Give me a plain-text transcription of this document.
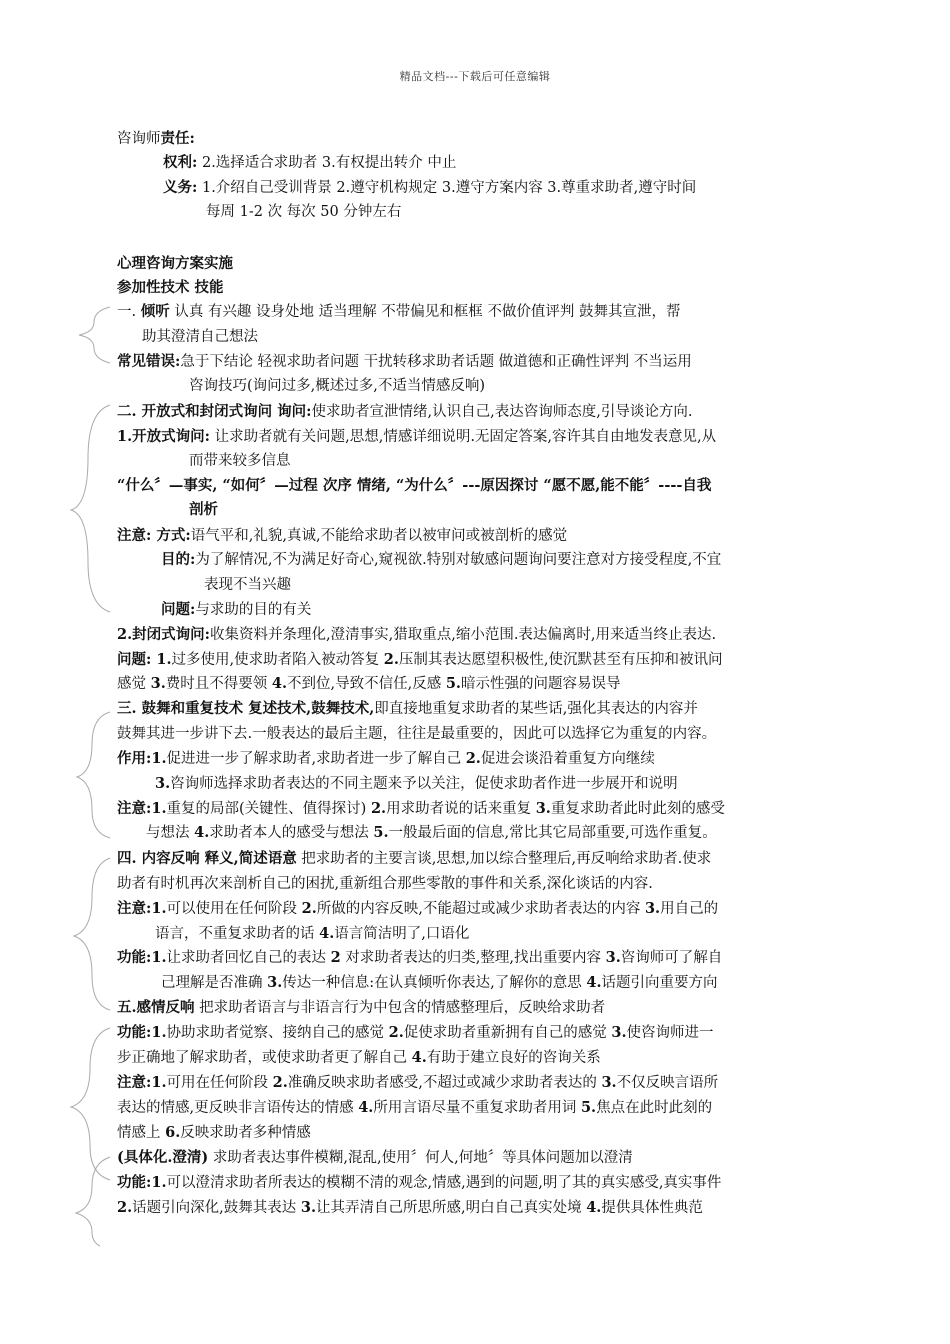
精品文档---下载后可任意编辑
咨询师责任:
权利: 2.选择适合求助者 3.有权提出转介 中止
义务: 1.介绍自己受训背景 2.遵守机构规定 3.遵守方案内容 3.尊重求助者,遵守时间
每周 1-2 次 每次 50 分钟左右
心理咨询方案实施
参加性技术 技能
一. 倾听 认真 有兴趣 设身处地 适当理解 不带偏见和框框 不做价值评判 鼓舞其宣泄，帮
助其澄清自己想法
常见错误:急于下结论 轻视求助者问题 干扰转移求助者话题 做道德和正确性评判 不当运用
咨询技巧(询问过多,概述过多,不适当情感反响)
二. 开放式和封闭式询问 询问:使求助者宣泄情绪,认识自己,表达咨询师态度,引导谈论方向.
1.开放式询问: 让求助者就有关问题,思想,情感详细说明.无固定答案,容许其自由地发表意见,从
而带来较多信息
“什么〞—事实, “如何〞—过程 次序 情绪, “为什么〞---原因探讨 “愿不愿,能不能〞----自我
剖析
注意: 方式:语气平和,礼貌,真诚,不能给求助者以被审问或被剖析的感觉
目的:为了解情况,不为满足好奇心,窥视欲.特别对敏感问题询问要注意对方接受程度,不宜
表现不当兴趣
问题:与求助的目的有关
2.封闭式询问:收集资料并条理化,澄清事实,猎取重点,缩小范围.表达偏离时,用来适当终止表达.
问题: 1.过多使用,使求助者陷入被动答复 2.压制其表达愿望积极性,使沉默甚至有压抑和被讯问
感觉 3.费时且不得要领 4.不到位,导致不信任,反感 5.暗示性强的问题容易误导
三. 鼓舞和重复技术 复述技术,鼓舞技术,即直接地重复求助者的某些话,强化其表达的内容并
鼓舞其进一步讲下去.一般表达的最后主题，往往是最重要的，因此可以选择它为重复的内容。
作用:1.促进进一步了解求助者,求助者进一步了解自己 2.促进会谈沿着重复方向继续
3.咨询师选择求助者表达的不同主题来予以关注，促使求助者作进一步展开和说明
注意:1.重复的局部(关键性、值得探讨) 2.用求助者说的话来重复 3.重复求助者此时此刻的感受
与想法 4.求助者本人的感受与想法 5.一般最后面的信息,常比其它局部重要,可选作重复。
四. 内容反响 释义,简述语意 把求助者的主要言谈,思想,加以综合整理后,再反响给求助者.使求
助者有时机再次来剖析自己的困扰,重新组合那些零散的事件和关系,深化谈话的内容.
注意:1.可以使用在任何阶段 2.所做的内容反映,不能超过或减少求助者表达的内容 3.用自己的
语言，不重复求助者的话 4.语言简洁明了,口语化
功能:1.让求助者回忆自己的表达 2 对求助者表达的归类,整理,找出重要内容 3.咨询师可了解自
己理解是否准确 3.传达一种信息:在认真倾听你表达,了解你的意思 4.话题引向重要方向
五.感情反响 把求助者语言与非语言行为中包含的情感整理后，反映给求助者
功能:1.协助求助者觉察、接纳自己的感觉 2.促使求助者重新拥有自己的感觉 3.使咨询师进一
步正确地了解求助者，或使求助者更了解自己 4.有助于建立良好的咨询关系
注意:1.可用在任何阶段 2.准确反映求助者感受,不超过或减少求助者表达的 3.不仅反映言语所
表达的情感,更反映非言语传达的情感 4.所用言语尽量不重复求助者用词 5.焦点在此时此刻的
情感上 6.反映求助者多种情感
(具体化.澄清) 求助者表达事件模糊,混乱,使用〞何人,何地〞等具体问题加以澄清
功能:1.可以澄清求助者所表达的模糊不清的观念,情感,遇到的问题,明了其的真实感受,真实事件
2.话题引向深化,鼓舞其表达 3.让其弄清自己所思所感,明白自己真实处境 4.提供具体性典范
